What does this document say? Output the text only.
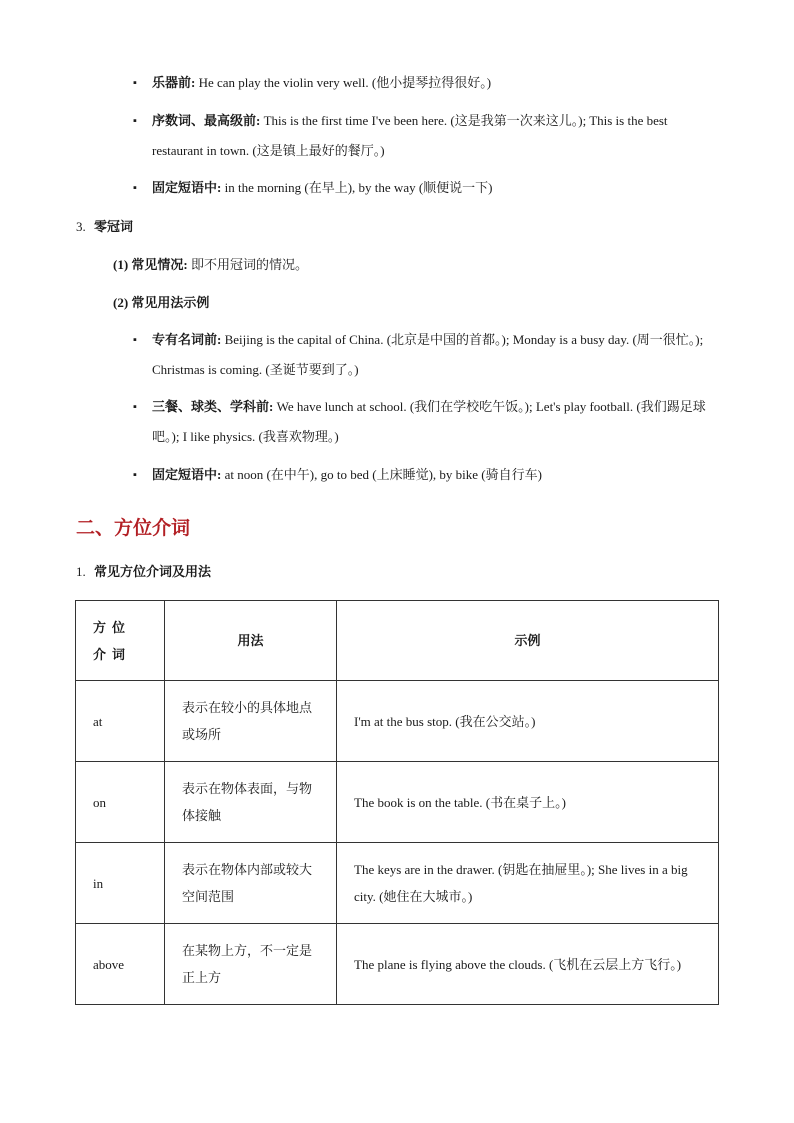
▪	乐器前: He can play the violin very well. (他小提琴拉得很好。)
▪	序数词、最高级前: This is the first time I've been here. (这是我第一次来这儿。); This is the best restaurant in town. (这是镇上最好的餐厅。)
▪	固定短语中: in the morning (在早上), by the way (顺便说一下)
3. 零冠词
(1) 常见情况: 即不用冠词的情况。
(2) 常见用法示例
▪	专有名词前: Beijing is the capital of China. (北京是中国的首都。); Monday is a busy day. (周一很忙。); Christmas is coming. (圣诞节要到了。)
▪	三餐、球类、学科前: We have lunch at school. (我们在学校吃午饭。); Let's play football. (我们踢足球吧。); I like physics. (我喜欢物理。)
▪	固定短语中: at noon (在中午), go to bed (上床睡觉), by bike (骑自行车)
二、方位介词
1. 常见方位介词及用法
方位介词	用法	示例
at	表示在较小的具体地点或场所	I'm at the bus stop. (我在公交站。)
on	表示在物体表面，与物体接触	The book is on the table. (书在桌子上。)
in	表示在物体内部或较大空间范围	The keys are in the drawer. (钥匙在抽屉里。); She lives in a big city. (她住在大城市。)
above	在某物上方，不一定是正上方	The plane is flying above the clouds. (飞机在云层上方飞行。)
